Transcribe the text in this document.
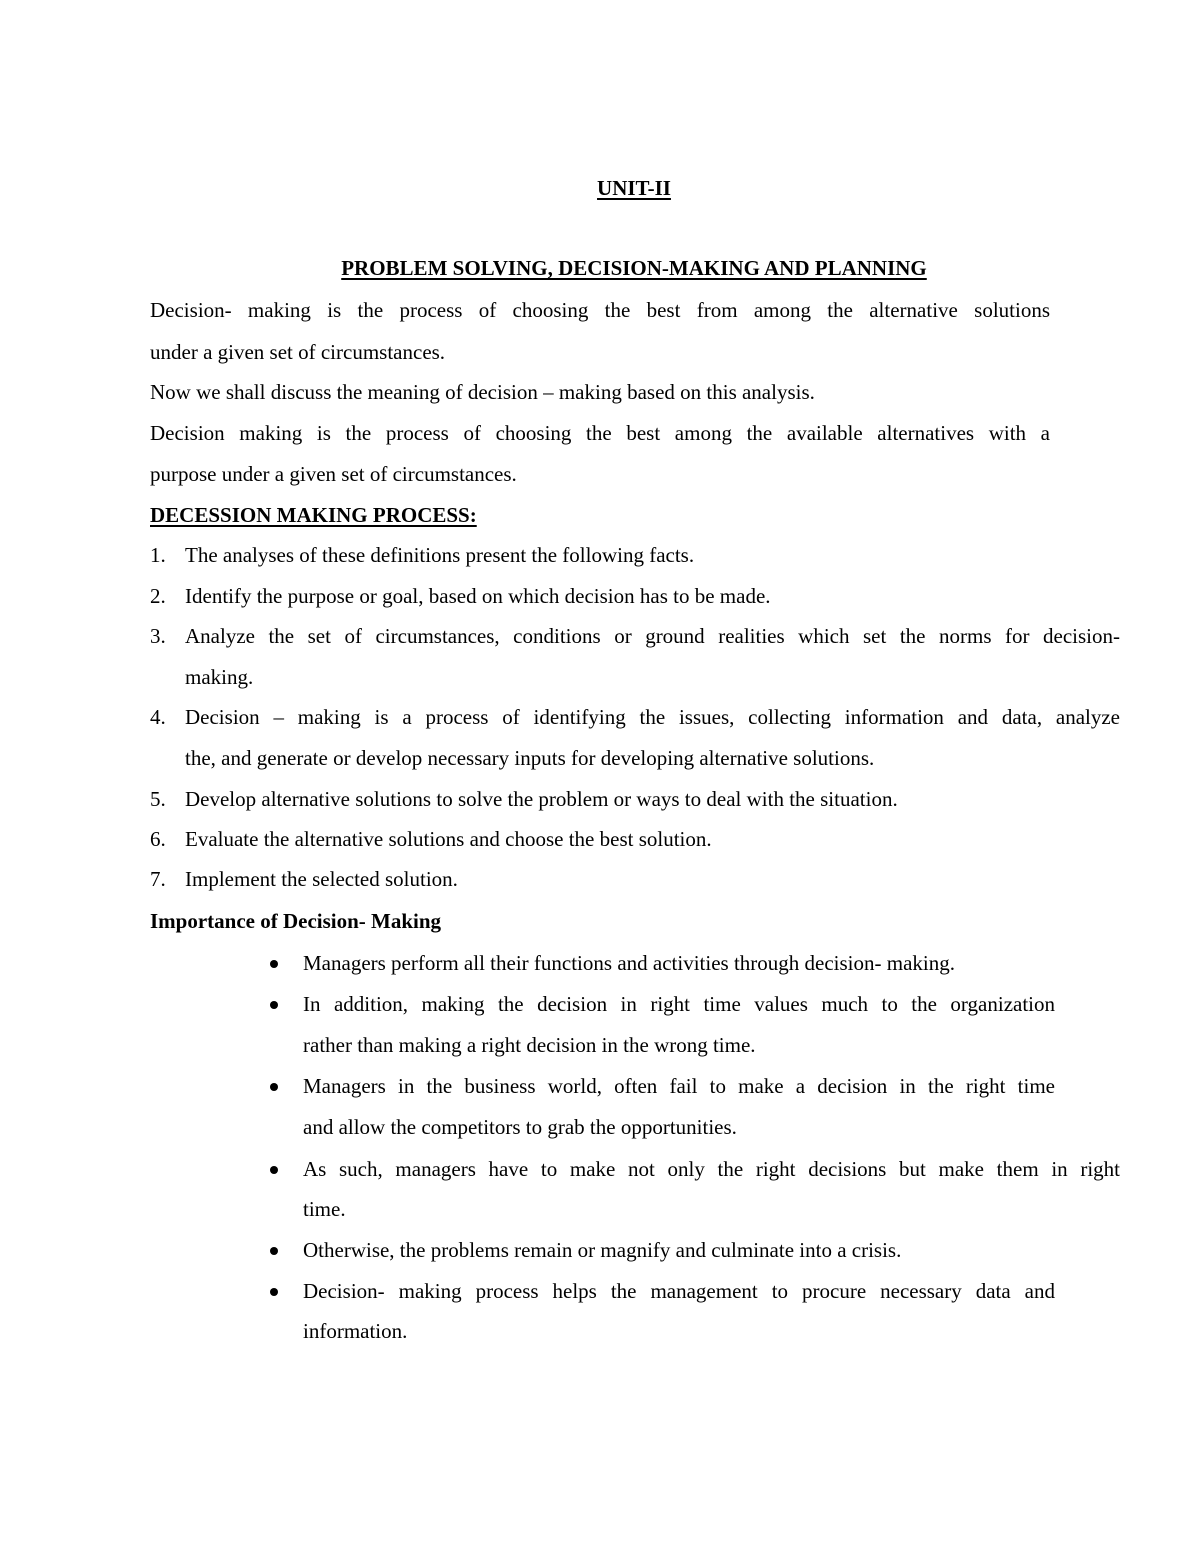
UNIT-II
PROBLEM SOLVING, DECISION-MAKING AND PLANNING
Decision- making is the process of choosing the best from among the alternative solutions
under a given set of circumstances.
Now we shall discuss the meaning of decision – making based on this analysis.
Decision making is the process of choosing the best among the available alternatives with a
purpose under a given set of circumstances.
DECESSION MAKING PROCESS:
1. The analyses of these definitions present the following facts.
2. Identify the purpose or goal, based on which decision has to be made.
3. Analyze the set of circumstances, conditions or ground realities which set the norms for decision-
making.
4. Decision – making is a process of identifying the issues, collecting information and data, analyze
the, and generate or develop necessary inputs for developing alternative solutions.
5. Develop alternative solutions to solve the problem or ways to deal with the situation.
6. Evaluate the alternative solutions and choose the best solution.
7. Implement the selected solution.
Importance of Decision- Making
Managers perform all their functions and activities through decision- making.
In addition, making the decision in right time values much to the organization
rather than making a right decision in the wrong time.
Managers in the business world, often fail to make a decision in the right time
and allow the competitors to grab the opportunities.
As such, managers have to make not only the right decisions but make them in right
time.
Otherwise, the problems remain or magnify and culminate into a crisis.
Decision- making process helps the management to procure necessary data and
information.
